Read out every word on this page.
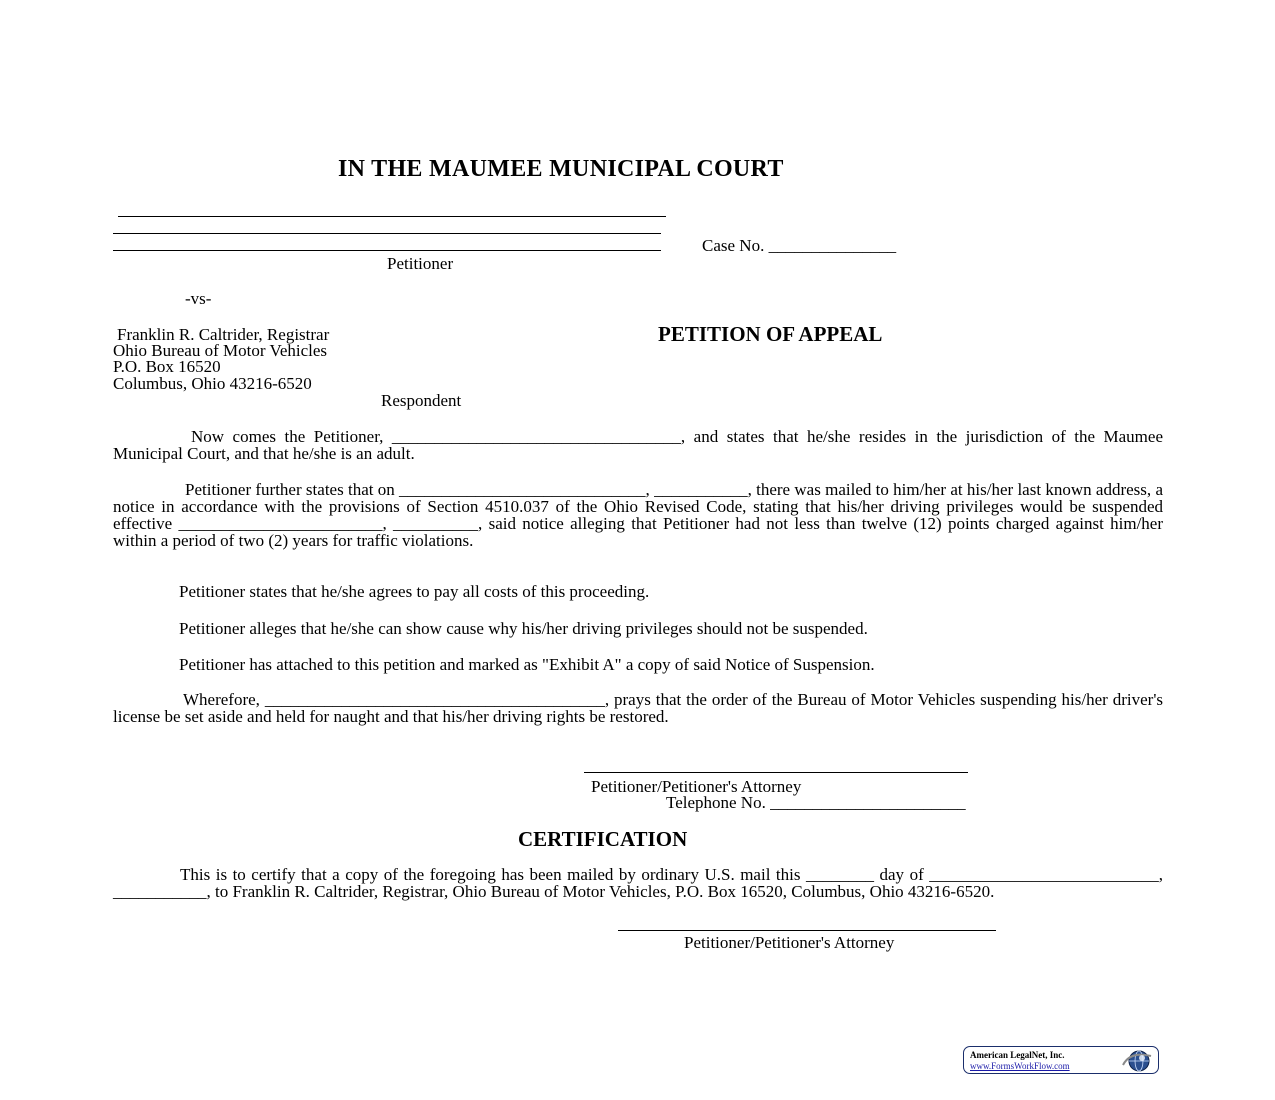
IN THE MAUMEE MUNICIPAL COURT
Case No. _______________
Petitioner
-vs-
Franklin R. Caltrider, Registrar
Ohio Bureau of Motor Vehicles
P.O. Box 16520
Columbus, Ohio 43216-6520
Respondent
PETITION OF APPEAL

Now comes the Petitioner, __________________________________, and states that he/she resides in the jurisdiction of the Maumee Municipal Court, and that he/she is an adult.

Petitioner further states that on _____________________________, ___________, there was mailed to him/her at his/her last known address, a notice in accordance with the provisions of Section 4510.037 of the Ohio Revised Code, stating that his/her driving privileges would be suspended effective ________________________, __________, said notice alleging that Petitioner had not less than twelve (12) points charged against him/her within a period of two (2) years for traffic violations.

Petitioner states that he/she agrees to pay all costs of this proceeding.
Petitioner alleges that he/she can show cause why his/her driving privileges should not be suspended.
Petitioner has attached to this petition and marked as "Exhibit A" a copy of said Notice of Suspension.

Wherefore, ________________________________________, prays that the order of the Bureau of Motor Vehicles suspending his/her driver's license be set aside and held for naught and that his/her driving rights be restored.

Petitioner/Petitioner's Attorney
Telephone No. _______________________
CERTIFICATION

This is to certify that a copy of the foregoing has been mailed by ordinary U.S. mail this ________ day of ___________________________, ___________, to Franklin R. Caltrider, Registrar, Ohio Bureau of Motor Vehicles, P.O. Box 16520, Columbus, Ohio 43216-6520.

Petitioner/Petitioner's Attorney
American LegalNet, Inc.
www.FormsWorkFlow.com
